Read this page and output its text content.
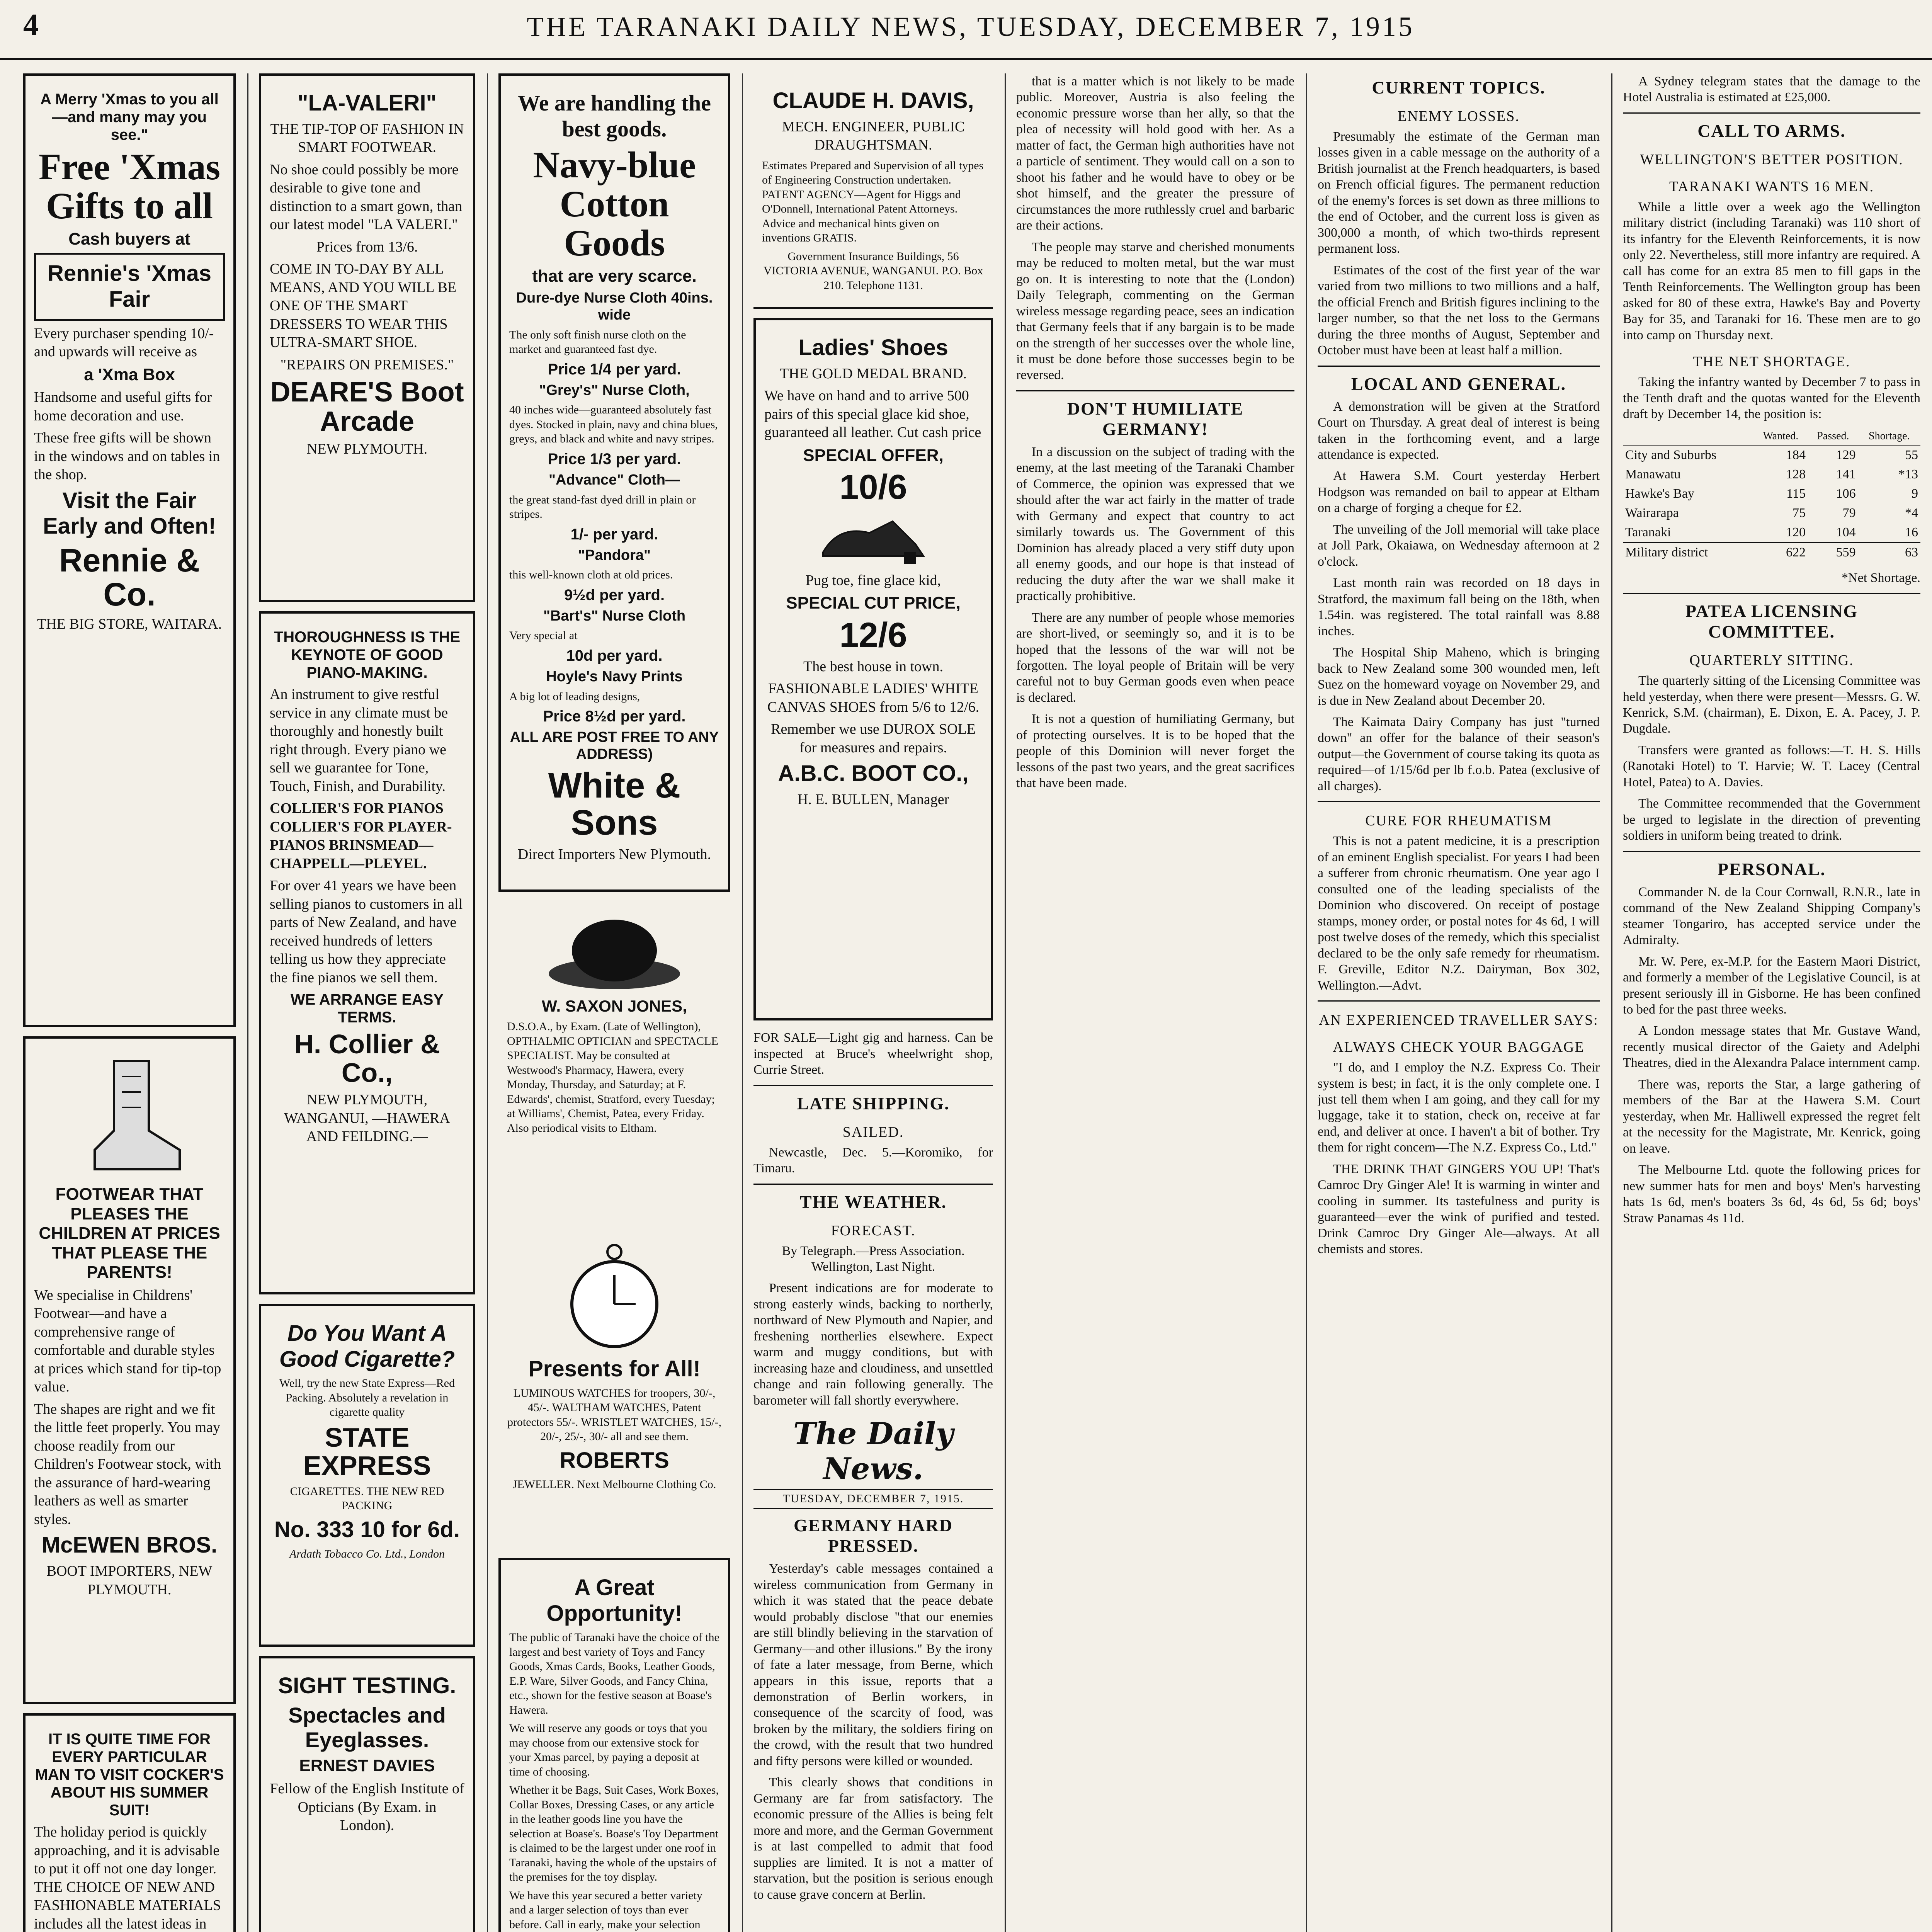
4	THE TARANAKI DAILY NEWS, TUESDAY, DECEMBER 7, 1915

A Merry 'Xmas to you all—and many may you see."

Free 'Xmas Gifts to all

Cash buyers at

Rennie's 'Xmas Fair

Every purchaser spending 10/- and upwards will receive as

a 'Xma Box

Handsome and useful gifts for home decoration and use.

These free gifts will be shown in the windows and on tables in the shop.

Visit the Fair Early and Often!

Rennie & Co.

THE BIG STORE, WAITARA.

FOOTWEAR THAT PLEASES THE CHILDREN AT PRICES THAT PLEASE THE PARENTS!

We specialise in Childrens' Footwear—and have a comprehensive range of comfortable and durable styles at prices which stand for tip-top value.

The shapes are right and we fit the little feet properly. You may choose readily from our Children's Footwear stock, with the assurance of hard-wearing leathers as well as smarter styles.

McEWEN BROS.

BOOT IMPORTERS, NEW PLYMOUTH.

IT IS QUITE TIME FOR EVERY PARTICULAR MAN TO VISIT COCKER'S ABOUT HIS SUMMER SUIT!

The holiday period is quickly approaching, and it is advisable to put it off not one day longer. THE CHOICE OF NEW AND FASHIONABLE MATERIALS includes all the latest ideas in

"LA-VALERI"

THE TIP-TOP OF FASHION IN SMART FOOTWEAR.

No shoe could possibly be more desirable to give tone and distinction to a smart gown, than our latest model "LA VALERI."

Prices from 13/6.

COME IN TO-DAY BY ALL MEANS, AND YOU WILL BE ONE OF THE SMART DRESSERS TO WEAR THIS ULTRA-SMART SHOE.

"REPAIRS ON PREMISES."

DEARE'S Boot Arcade

NEW PLYMOUTH.

THOROUGHNESS IS THE KEYNOTE OF GOOD PIANO-MAKING.

An instrument to give restful service in any climate must be thoroughly and honestly built right through. Every piano we sell we guarantee for Tone, Touch, Finish, and Durability.

COLLIER'S FOR PIANOS COLLIER'S FOR PLAYER-PIANOS BRINSMEAD—CHAPPELL—PLEYEL.

For over 41 years we have been selling pianos to customers in all parts of New Zealand, and have received hundreds of letters telling us how they appreciate the fine pianos we sell them.

WE ARRANGE EASY TERMS.

H. Collier & Co.,

NEW PLYMOUTH, WANGANUI, —HAWERA AND FEILDING.—

Do You Want A Good Cigarette?

Well, try the new State Express—Red Packing. Absolutely a revelation in cigarette quality

STATE EXPRESS

CIGARETTES. THE NEW RED PACKING

No. 333 10 for 6d.

Ardath Tobacco Co. Ltd., London

SIGHT TESTING.

Spectacles and Eyeglasses.

ERNEST DAVIES

Fellow of the English Institute of Opticians (By Exam. in London).

We are handling the best goods.

Navy-blue Cotton Goods

that are very scarce.

Dure-dye Nurse Cloth 40ins. wide

The only soft finish nurse cloth on the market and guaranteed fast dye.

Price 1/4 per yard.

"Grey's" Nurse Cloth,

40 inches wide—guaranteed absolutely fast dyes. Stocked in plain, navy and china blues, greys, and black and white and navy stripes.

Price 1/3 per yard.

"Advance" Cloth—

the great stand-fast dyed drill in plain or stripes.

1/- per yard.

"Pandora"

this well-known cloth at old prices.

9½d per yard.

"Bart's" Nurse Cloth

Very special at

10d per yard.

Hoyle's Navy Prints

A big lot of leading designs,

Price 8½d per yard.

ALL ARE POST FREE TO ANY ADDRESS)

White & Sons

Direct Importers New Plymouth.

W. SAXON JONES,

D.S.O.A., by Exam. (Late of Wellington), OPTHALMIC OPTICIAN and SPECTACLE SPECIALIST. May be consulted at Westwood's Pharmacy, Hawera, every Monday, Thursday, and Saturday; at F. Edwards', chemist, Stratford, every Tuesday; at Williams', Chemist, Patea, every Friday. Also periodical visits to Eltham.

Presents for All!

LUMINOUS WATCHES for troopers, 30/-, 45/-. WALTHAM WATCHES, Patent protectors 55/-. WRISTLET WATCHES, 15/-, 20/-, 25/-, 30/- all and see them.

ROBERTS

JEWELLER. Next Melbourne Clothing Co.

A Great Opportunity!

The public of Taranaki have the choice of the largest and best variety of Toys and Fancy Goods, Xmas Cards, Books, Leather Goods, E.P. Ware, Silver Goods, and Fancy China, etc., shown for the festive season at Boase's Hawera.

We will reserve any goods or toys that you may choose from our extensive stock for your Xmas parcel, by paying a deposit at time of choosing.

Whether it be Bags, Suit Cases, Work Boxes, Collar Boxes, Dressing Cases, or any article in the leather goods line you have the selection at Boase's. Boase's Toy Department is claimed to be the largest under one roof in Taranaki, having the whole of the upstairs of the premises for the toy display.

We have this year secured a better variety and a larger selection of toys than ever before. Call in early, make your selection

CLAUDE H. DAVIS,

MECH. ENGINEER, PUBLIC DRAUGHTSMAN.

Estimates Prepared and Supervision of all types of Engineering Construction undertaken. PATENT AGENCY—Agent for Higgs and O'Donnell, International Patent Attorneys. Advice and mechanical hints given on inventions GRATIS.

Government Insurance Buildings, 56 VICTORIA AVENUE, WANGANUI. P.O. Box 210. Telephone 1131.

Ladies' Shoes

THE GOLD MEDAL BRAND.

We have on hand and to arrive 500 pairs of this special glace kid shoe, guaranteed all leather. Cut cash price

SPECIAL OFFER,

10/6

Pug toe, fine glace kid,

SPECIAL CUT PRICE,

12/6

The best house in town.

FASHIONABLE LADIES' WHITE CANVAS SHOES from 5/6 to 12/6.

Remember we use DUROX SOLE for measures and repairs.

A.B.C. BOOT CO.,

H. E. BULLEN, Manager

FOR SALE—Light gig and harness. Can be inspected at Bruce's wheelwright shop, Currie Street.

LATE SHIPPING.
SAILED.

Newcastle, Dec. 5.—Koromiko, for Timaru.

THE WEATHER.
FORECAST.

By Telegraph.—Press Association. Wellington, Last Night.

Present indications are for moderate to strong easterly winds, backing to northerly, northward of New Plymouth and Napier, and freshening northerlies elsewhere. Expect warm and muggy conditions, but with increasing haze and cloudiness, and unsettled change and rain following generally. The barometer will fall shortly everywhere.

The Daily News.
TUESDAY, DECEMBER 7, 1915.
GERMANY HARD PRESSED.

Yesterday's cable messages contained a wireless communication from Germany in which it was stated that the peace debate would probably disclose "that our enemies are still blindly believing in the starvation of Germany—and other illusions." By the irony of fate a later message, from Berne, which appears in this issue, reports that a demonstration of Berlin workers, in consequence of the scarcity of food, was broken by the military, the soldiers firing on the crowd, with the result that two hundred and fifty persons were killed or wounded.

This clearly shows that conditions in Germany are far from satisfactory. The economic pressure of the Allies is being felt more and more, and the German Government is at last compelled to admit that food supplies are limited. It is not a matter of starvation, but the position is serious enough to cause grave concern at Berlin.

that is a matter which is not likely to be made public. Moreover, Austria is also feeling the economic pressure worse than her ally, so that the plea of necessity will hold good with her. As a matter of fact, the German high authorities have not a particle of sentiment. They would call on a son to shoot his father and he would have to obey or be shot himself, and the greater the pressure of circumstances the more ruthlessly cruel and barbaric are their actions.

The people may starve and cherished monuments may be reduced to molten metal, but the war must go on. It is interesting to note that the (London) Daily Telegraph, commenting on the German wireless message regarding peace, sees an indication that Germany feels that if any bargain is to be made on the strength of her successes over the whole line, it must be done before those successes begin to be reversed.

DON'T HUMILIATE GERMANY!

In a discussion on the subject of trading with the enemy, at the last meeting of the Taranaki Chamber of Commerce, the opinion was expressed that we should after the war act fairly in the matter of trade with Germany and expect that country to act similarly towards us. The Government of this Dominion has already placed a very stiff duty upon all enemy goods, and our hope is that instead of reducing the duty after the war we shall make it practically prohibitive.

There are any number of people whose memories are short-lived, or seemingly so, and it is to be hoped that the lessons of the war will not be forgotten. The loyal people of Britain will be very careful not to buy German goods even when peace is declared.

It is not a question of humiliating Germany, but of protecting ourselves. It is to be hoped that the people of this Dominion will never forget the lessons of the past two years, and the great sacrifices that have been made.

CURRENT TOPICS.
ENEMY LOSSES.

Presumably the estimate of the German man losses given in a cable message on the authority of a British journalist at the French headquarters, is based on French official figures. The permanent reduction of the enemy's forces is set down as three millions to the end of October, and the current loss is given as 300,000 a month, of which two-thirds represent permanent loss.

Estimates of the cost of the first year of the war varied from two millions to two millions and a half, the official French and British figures inclining to the larger number, so that the net loss to the Germans during the three months of August, September and October must have been at least half a million.

LOCAL AND GENERAL.

A demonstration will be given at the Stratford Court on Thursday. A great deal of interest is being taken in the forthcoming event, and a large attendance is expected.

At Hawera S.M. Court yesterday Herbert Hodgson was remanded on bail to appear at Eltham on a charge of forging a cheque for £2.

The unveiling of the Joll memorial will take place at Joll Park, Okaiawa, on Wednesday afternoon at 2 o'clock.

Last month rain was recorded on 18 days in Stratford, the maximum fall being on the 18th, when 1.54in. was registered. The total rainfall was 8.88 inches.

The Hospital Ship Maheno, which is bringing back to New Zealand some 300 wounded men, left Suez on the homeward voyage on November 29, and is due in New Zealand about December 20.

The Kaimata Dairy Company has just "turned down" an offer for the balance of their season's output—the Government of course taking its quota as required—of 1/15/6d per lb f.o.b. Patea (exclusive of all charges).

CURE FOR RHEUMATISM

This is not a patent medicine, it is a prescription of an eminent English specialist. For years I had been a sufferer from chronic rheumatism. One year ago I consulted one of the leading specialists of the Dominion who discovered. On receipt of postage stamps, money order, or postal notes for 4s 6d, I will post twelve doses of the remedy, which this specialist declared to be the only safe remedy for rheumatism. F. Greville, Editor N.Z. Dairyman, Box 302, Wellington.—Advt.

AN EXPERIENCED TRAVELLER SAYS:
ALWAYS CHECK YOUR BAGGAGE

"I do, and I employ the N.Z. Express Co. Their system is best; in fact, it is the only complete one. I just tell them when I am going, and they call for my luggage, take it to station, check on, receive at far end, and deliver at once. I haven't a bit of bother. Try them for right concern—The N.Z. Express Co., Ltd."

THE DRINK THAT GINGERS YOU UP! That's Camroc Dry Ginger Ale! It is warming in winter and cooling in summer. Its tastefulness and purity is guaranteed—ever the wink of purified and tested. Drink Camroc Dry Ginger Ale—always. At all chemists and stores.

A Sydney telegram states that the damage to the Hotel Australia is estimated at £25,000.

CALL TO ARMS.
WELLINGTON'S BETTER POSITION.
TARANAKI WANTS 16 MEN.

While a little over a week ago the Wellington military district (including Taranaki) was 110 short of its infantry for the Eleventh Reinforcements, it is now only 22. Nevertheless, still more infantry are required. A call has come for an extra 85 men to fill gaps in the Tenth Reinforcements. The Wellington group has been asked for 80 of these extra, Hawke's Bay and Poverty Bay for 35, and Taranaki for 16. These men are to go into camp on Thursday next.

THE NET SHORTAGE.

Taking the infantry wanted by December 7 to pass in the Tenth draft and the quotas wanted for the Eleventh draft by December 14, the position is:

	Wanted.	Passed.	Shortage.
City and Suburbs	184	129	55
Manawatu	128	141	*13
Hawke's Bay	115	106	9
Wairarapa	75	79	*4
Taranaki	120	104	16
Military district	622	559	63

*Net Shortage.

PATEA LICENSING COMMITTEE.
QUARTERLY SITTING.

The quarterly sitting of the Licensing Committee was held yesterday, when there were present—Messrs. G. W. Kenrick, S.M. (chairman), E. Dixon, E. A. Pacey, J. P. Dugdale.

Transfers were granted as follows:—T. H. S. Hills (Ranotaki Hotel) to T. Harvie; W. T. Lacey (Central Hotel, Patea) to A. Davies.

The Committee recommended that the Government be urged to legislate in the direction of preventing soldiers in uniform being treated to drink.

PERSONAL.

Commander N. de la Cour Cornwall, R.N.R., late in command of the New Zealand Shipping Company's steamer Tongariro, has accepted service under the Admiralty.

Mr. W. Pere, ex-M.P. for the Eastern Maori District, and formerly a member of the Legislative Council, is at present seriously ill in Gisborne. He has been confined to bed for the past three weeks.

A London message states that Mr. Gustave Wand, recently musical director of the Gaiety and Adelphi Theatres, died in the Alexandra Palace internment camp.

There was, reports the Star, a large gathering of members of the Bar at the Hawera S.M. Court yesterday, when Mr. Halliwell expressed the regret felt at the necessity for the Magistrate, Mr. Kenrick, going on leave.

The Melbourne Ltd. quote the following prices for new summer hats for men and boys' Men's harvesting hats 1s 6d, men's boaters 3s 6d, 4s 6d, 5s 6d; boys' Straw Panamas 4s 11d.
